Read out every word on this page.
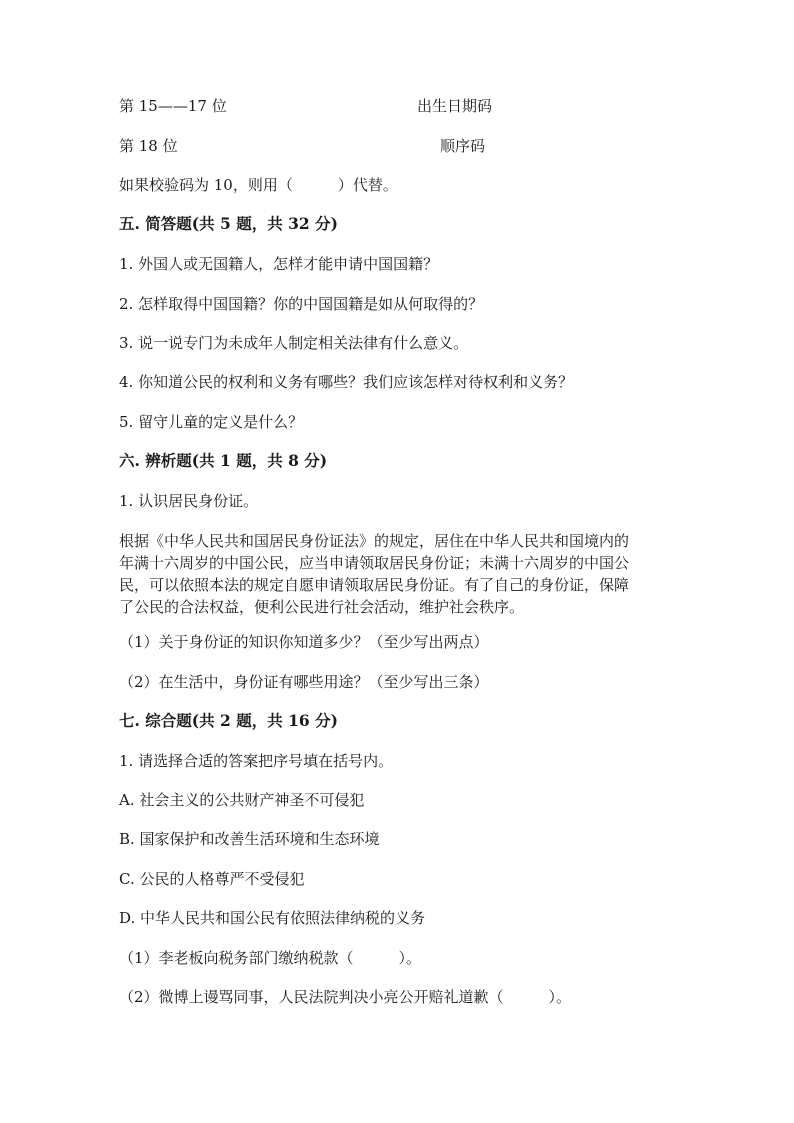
第 15——17 位	出生日期码
第 18 位	顺序码
如果校验码为 10，则用（　　　）代替。
五. 简答题(共 5 题，共 32 分)
1. 外国人或无国籍人，怎样才能申请中国国籍？
2. 怎样取得中国国籍？你的中国国籍是如从何取得的？
3. 说一说专门为未成年人制定相关法律有什么意义。
4. 你知道公民的权利和义务有哪些？我们应该怎样对待权利和义务？
5. 留守儿童的定义是什么？
六. 辨析题(共 1 题，共 8 分)
1. 认识居民身份证。
根据《中华人民共和国居民身份证法》的规定，居住在中华人民共和国境内的
年满十六周岁的中国公民，应当申请领取居民身份证；未满十六周岁的中国公
民，可以依照本法的规定自愿申请领取居民身份证。有了自己的身份证，保障
了公民的合法权益，便利公民进行社会活动，维护社会秩序。
（1）关于身份证的知识你知道多少？（至少写出两点）
（2）在生活中，身份证有哪些用途？（至少写出三条）
七. 综合题(共 2 题，共 16 分)
1. 请选择合适的答案把序号填在括号内。
A. 社会主义的公共财产神圣不可侵犯
B. 国家保护和改善生活环境和生态环境
C. 公民的人格尊严不受侵犯
D. 中华人民共和国公民有依照法律纳税的义务
（1）李老板向税务部门缴纳税款（　　　）。
（2）微博上谩骂同事，人民法院判决小亮公开赔礼道歉（　　　）。
